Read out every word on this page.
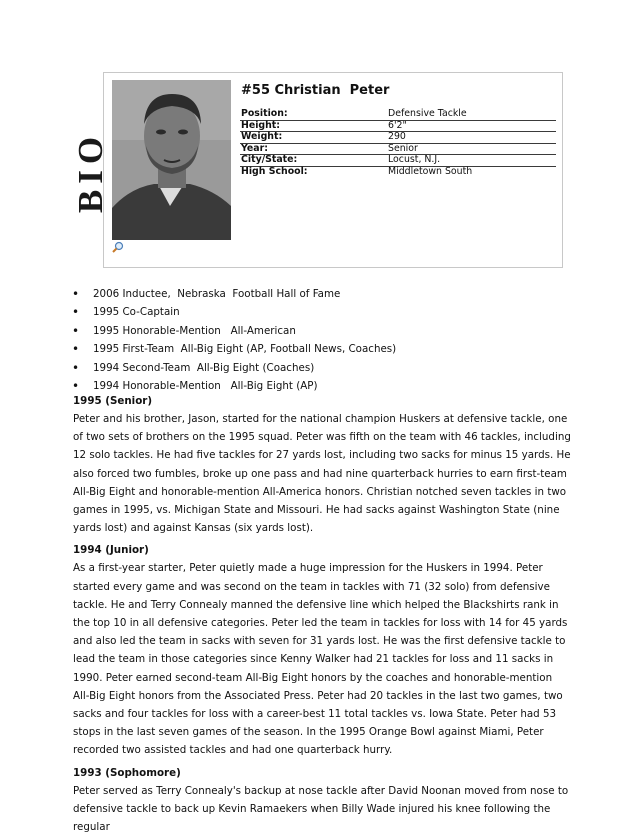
BIO
#55 Christian  Peter
Position:	Defensive Tackle
Height:	6'2"
Weight:	290
Year:	Senior
City/State:	Locust, N.J.
High School:	Middletown South
• 2006 Inductee,  Nebraska  Football Hall of Fame
• 1995 Co-Captain
• 1995 Honorable-Mention   All-American
• 1995 First-Team  All-Big Eight (AP, Football News, Coaches)
• 1994 Second-Team  All-Big Eight (Coaches)
• 1994 Honorable-Mention   All-Big Eight (AP)
1995 (Senior)

Peter and his brother, Jason, started for the national champion Huskers at defensive tackle, one of two sets of brothers on the 1995 squad. Peter was fifth on the team with 46 tackles, including 12 solo tackles. He had five tackles for 27 yards lost, including two sacks for minus 15 yards. He also forced two fumbles, broke up one pass and had nine quarterback hurries to earn first-team All-Big Eight and honorable-mention All-America honors. Christian notched seven tackles in two games in 1995, vs. Michigan State and Missouri. He had sacks against Washington State (nine yards lost) and against Kansas (six yards lost).

1994 (Junior)

As a first-year starter, Peter quietly made a huge impression for the Huskers in 1994. Peter started every game and was second on the team in tackles with 71 (32 solo) from defensive tackle. He and Terry Connealy manned the defensive line which helped the Blackshirts rank in the top 10 in all defensive categories. Peter led the team in tackles for loss with 14 for 45 yards and also led the team in sacks with seven for 31 yards lost. He was the first defensive tackle to lead the team in those categories since Kenny Walker had 21 tackles for loss and 11 sacks in 1990. Peter earned second-team All-Big Eight honors by the coaches and honorable-mention All-Big Eight honors from the Associated Press. Peter had 20 tackles in the last two games, two sacks and four tackles for loss with a career-best 11 total tackles vs. Iowa State. Peter had 53 stops in the last seven games of the season. In the 1995 Orange Bowl against Miami, Peter recorded two assisted tackles and had one quarterback hurry.

1993 (Sophomore)

Peter served as Terry Connealy's backup at nose tackle after David Noonan moved from nose to defensive tackle to back up Kevin Ramaekers when Billy Wade injured his knee following the regular
